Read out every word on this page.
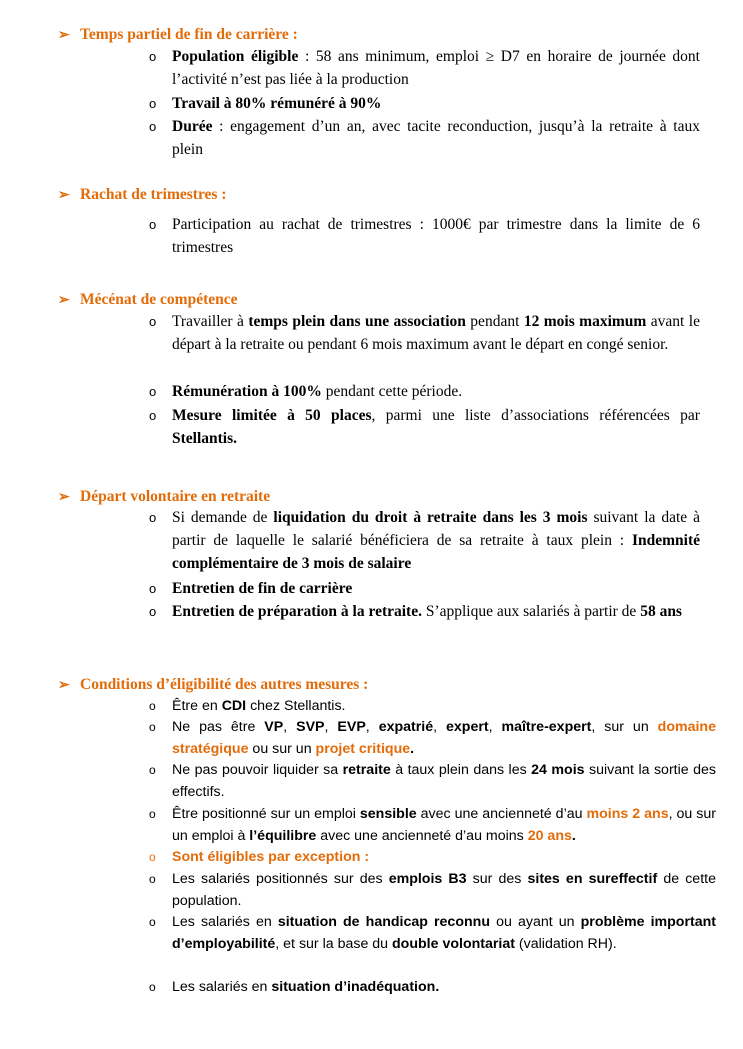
➢ Temps partiel de fin de carrière :
o	Population éligible : 58 ans minimum, emploi ≥ D7 en horaire de journée dont l’activité n’est pas liée à la production
o	Travail à 80% rémunéré à 90%
o	Durée : engagement d’un an, avec tacite reconduction, jusqu’à la retraite à taux plein
➢ Rachat de trimestres :
o	Participation au rachat de trimestres : 1000€ par trimestre dans la limite de 6 trimestres
➢ Mécénat de compétence
o	Travailler à temps plein dans une association pendant 12 mois maximum avant le départ à la retraite ou pendant 6 mois maximum avant le départ en congé senior.
o	Rémunération à 100% pendant cette période.
o	Mesure limitée à 50 places, parmi une liste d’associations référencées par Stellantis.
➢ Départ volontaire en retraite
o	Si demande de liquidation du droit à retraite dans les 3 mois suivant la date à partir de laquelle le salarié bénéficiera de sa retraite à taux plein : Indemnité complémentaire de 3 mois de salaire
o	Entretien de fin de carrière
o	Entretien de préparation à la retraite. S’applique aux salariés à partir de 58 ans
➢ Conditions d’éligibilité des autres mesures :
o	Être en CDI chez Stellantis.
o	Ne pas être VP, SVP, EVP, expatrié, expert, maître-expert, sur un domaine stratégique ou sur un projet critique.
o	Ne pas pouvoir liquider sa retraite à taux plein dans les 24 mois suivant la sortie des effectifs.
o	Être positionné sur un emploi sensible avec une ancienneté d’au moins 2 ans, ou sur un emploi à l’équilibre avec une ancienneté d’au moins 20 ans.
o	Sont éligibles par exception :
o	Les salariés positionnés sur des emplois B3 sur des sites en sureffectif de cette population.
o	Les salariés en situation de handicap reconnu ou ayant un problème important d’employabilité, et sur la base du double volontariat (validation RH).
o	Les salariés en situation d’inadéquation.
